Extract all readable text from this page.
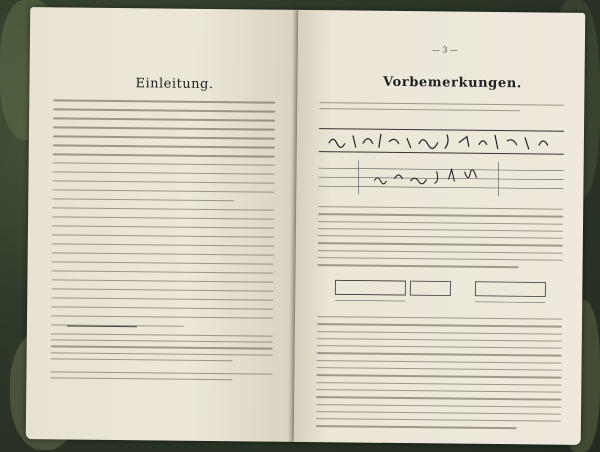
Einleitung.
— 3 —
Vorbemerkungen.
